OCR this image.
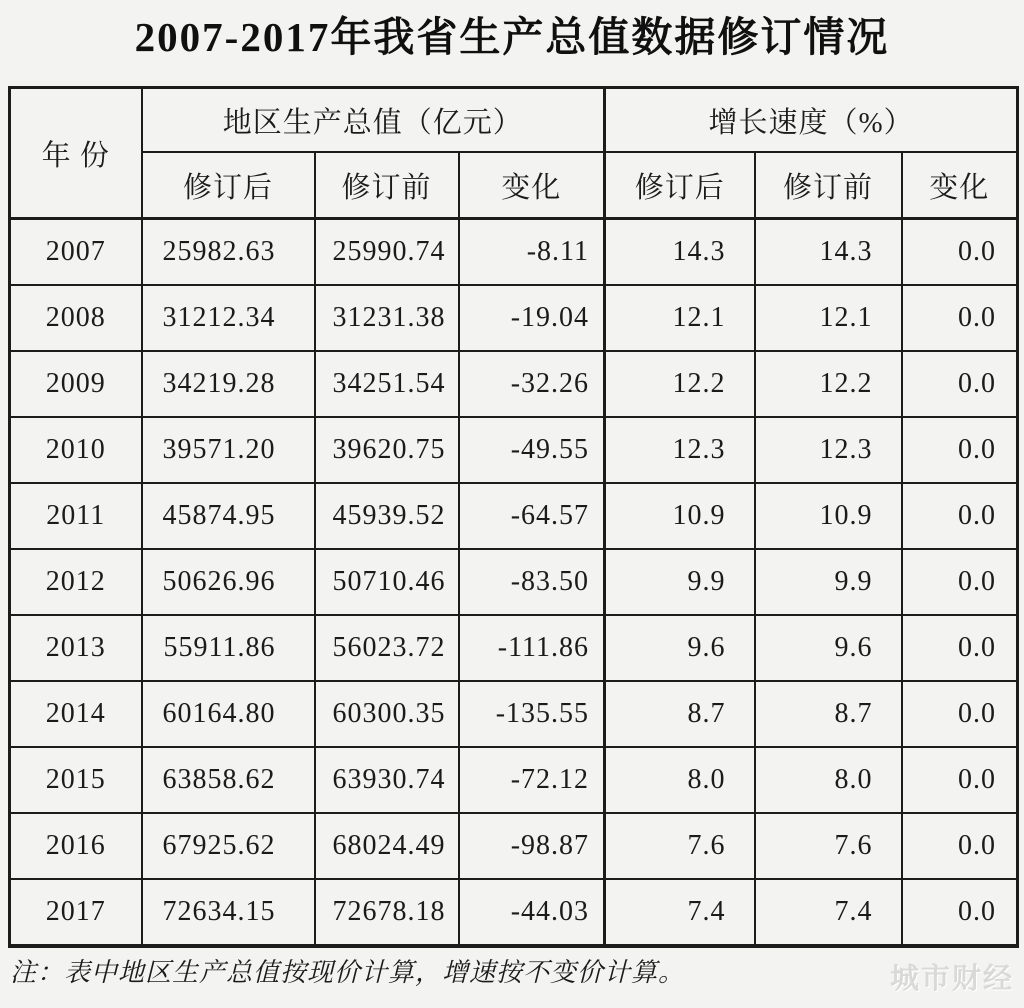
2007-2017年我省生产总值数据修订情况
年 份	地区生产总值（亿元）			增长速度（%）		
	修订后	修订前	变化	修订后	修订前	变化
2007	25982.63	25990.74	-8.11	14.3	14.3	0.0
2008	31212.34	31231.38	-19.04	12.1	12.1	0.0
2009	34219.28	34251.54	-32.26	12.2	12.2	0.0
2010	39571.20	39620.75	-49.55	12.3	12.3	0.0
2011	45874.95	45939.52	-64.57	10.9	10.9	0.0
2012	50626.96	50710.46	-83.50	9.9	9.9	0.0
2013	55911.86	56023.72	-111.86	9.6	9.6	0.0
2014	60164.80	60300.35	-135.55	8.7	8.7	0.0
2015	63858.62	63930.74	-72.12	8.0	8.0	0.0
2016	67925.62	68024.49	-98.87	7.6	7.6	0.0
2017	72634.15	72678.18	-44.03	7.4	7.4	0.0
注：表中地区生产总值按现价计算，增速按不变价计算。	城市财经
